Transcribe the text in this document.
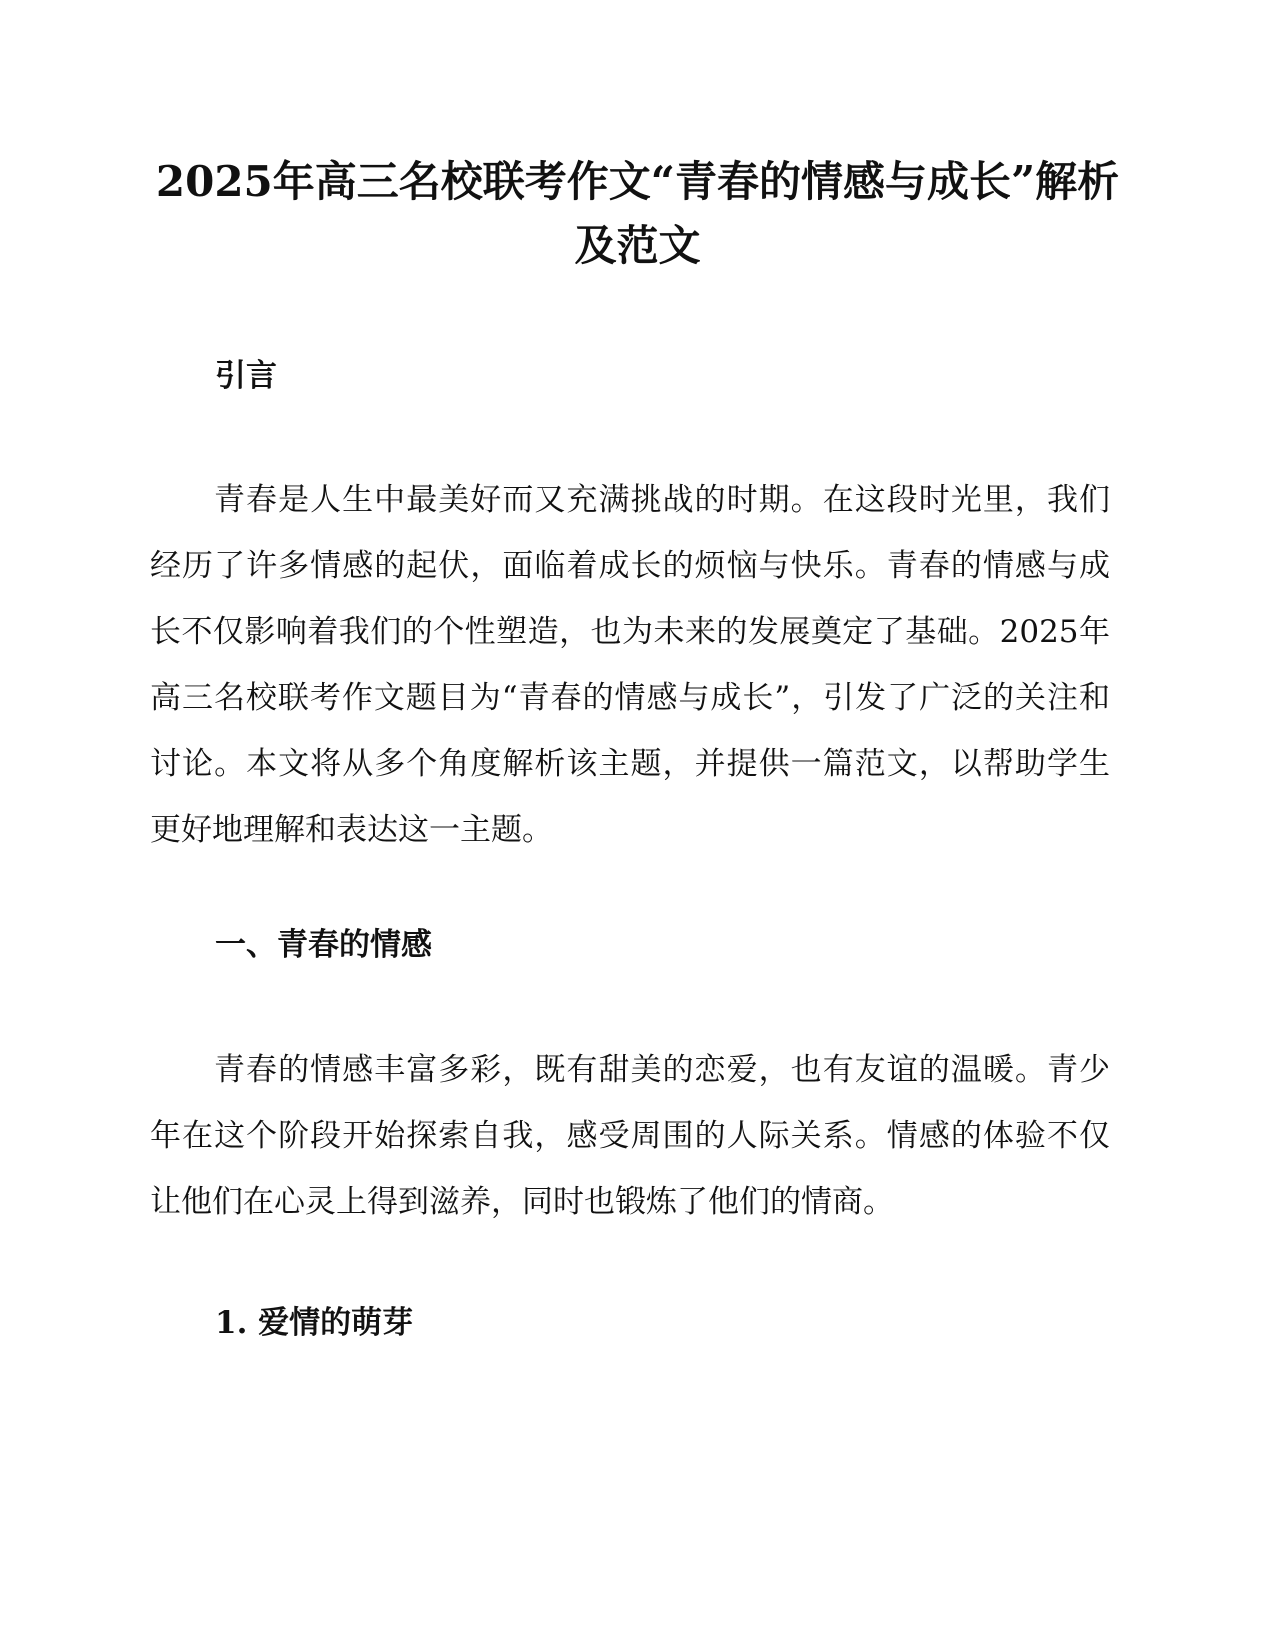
2025年高三名校联考作文“青春的情感与成长”解析及范文
引言

青春是人生中最美好而又充满挑战的时期。在这段时光里，我们经历了许多情感的起伏，面临着成长的烦恼与快乐。青春的情感与成长不仅影响着我们的个性塑造，也为未来的发展奠定了基础。2025年高三名校联考作文题目为“青春的情感与成长”，引发了广泛的关注和讨论。本文将从多个角度解析该主题，并提供一篇范文，以帮助学生更好地理解和表达这一主题。

一、青春的情感

青春的情感丰富多彩，既有甜美的恋爱，也有友谊的温暖。青少年在这个阶段开始探索自我，感受周围的人际关系。情感的体验不仅让他们在心灵上得到滋养，同时也锻炼了他们的情商。

1. 爱情的萌芽
